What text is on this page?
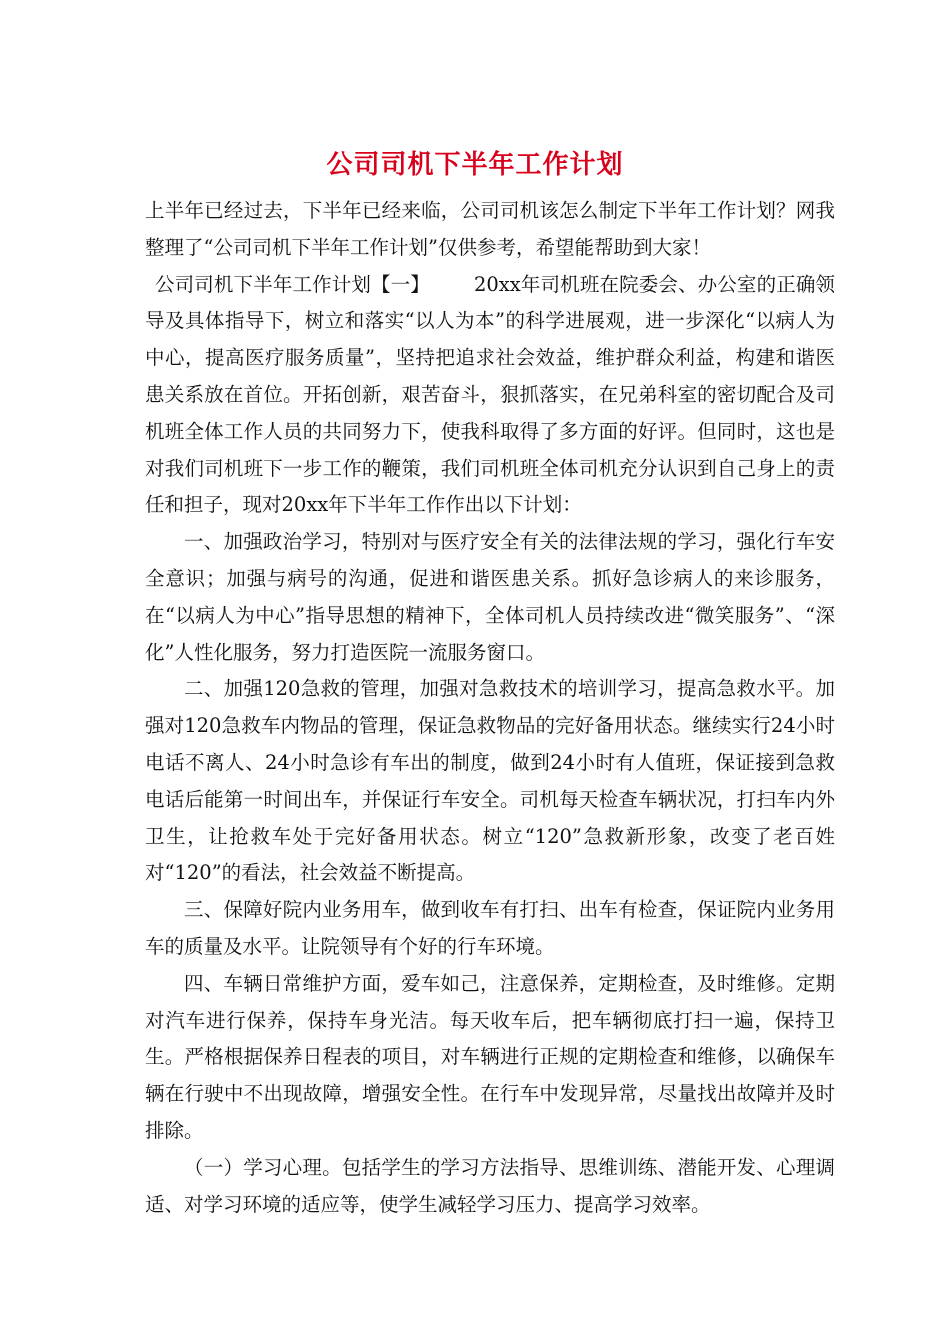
公司司机下半年工作计划

上半年已经过去，下半年已经来临，公司司机该怎么制定下半年工作计划？网我整理了“公司司机下半年工作计划”仅供参考，希望能帮助到大家！

公司司机下半年工作计划【一】 20xx年司机班在院委会、办公室的正确领导及具体指导下，树立和落实“以人为本”的科学进展观，进一步深化“以病人为中心，提高医疗服务质量”，坚持把追求社会效益，维护群众利益，构建和谐医患关系放在首位。开拓创新，艰苦奋斗，狠抓落实，在兄弟科室的密切配合及司机班全体工作人员的共同努力下，使我科取得了多方面的好评。但同时，这也是对我们司机班下一步工作的鞭策，我们司机班全体司机充分认识到自己身上的责任和担子，现对20xx年下半年工作作出以下计划：

一、加强政治学习，特别对与医疗安全有关的法律法规的学习，强化行车安全意识；加强与病号的沟通，促进和谐医患关系。抓好急诊病人的来诊服务，在“以病人为中心”指导思想的精神下，全体司机人员持续改进“微笑服务”、“深化”人性化服务，努力打造医院一流服务窗口。

二、加强120急救的管理，加强对急救技术的培训学习，提高急救水平。加强对120急救车内物品的管理，保证急救物品的完好备用状态。继续实行24小时电话不离人、24小时急诊有车出的制度，做到24小时有人值班，保证接到急救电话后能第一时间出车，并保证行车安全。司机每天检查车辆状况，打扫车内外卫生，让抢救车处于完好备用状态。树立“120”急救新形象，改变了老百姓对“120”的看法，社会效益不断提高。

三、保障好院内业务用车，做到收车有打扫、出车有检查，保证院内业务用车的质量及水平。让院领导有个好的行车环境。

四、车辆日常维护方面，爱车如己，注意保养，定期检查，及时维修。定期对汽车进行保养，保持车身光洁。每天收车后，把车辆彻底打扫一遍，保持卫生。严格根据保养日程表的项目，对车辆进行正规的定期检查和维修，以确保车辆在行驶中不出现故障，增强安全性。在行车中发现异常，尽量找出故障并及时排除。

（一）学习心理。包括学生的学习方法指导、思维训练、潜能开发、心理调适、对学习环境的适应等，使学生减轻学习压力、提高学习效率。
